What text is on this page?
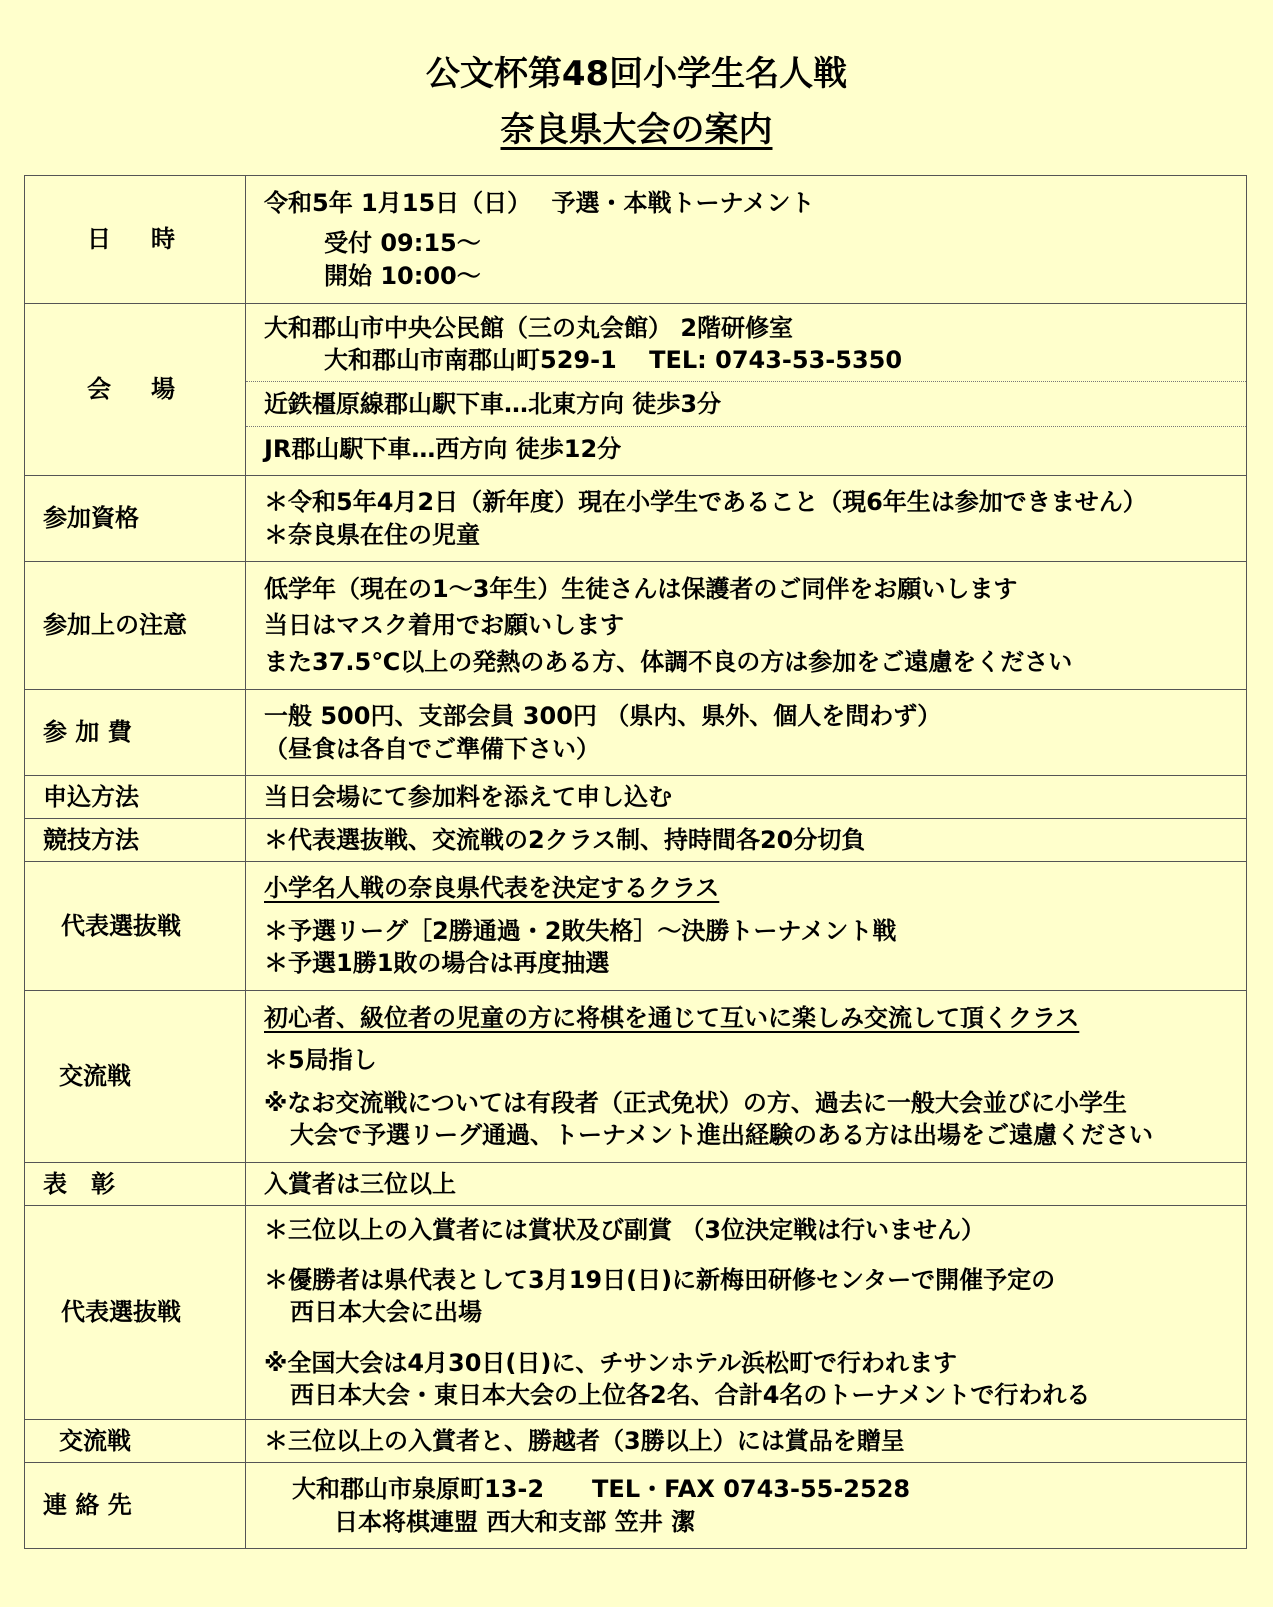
公文杯第48回小学生名人戦
奈良県大会の案内
日　時	令和5年 1月15日（日）　 予選・本戦トーナメント
受付 09:15～
開始 10:00～

会　場	大和郡山市中央公民館（三の丸会館） 2階研修室
大和郡山市南郡山町529-1　 TEL: 0743-53-5350
近鉄橿原線郡山駅下車…北東方向 徒歩3分
JR郡山駅下車…西方向 徒歩12分

参加資格	＊令和5年4月2日（新年度）現在小学生であること（現6年生は参加できません）
＊奈良県在住の児童

参加上の注意	低学年（現在の1～3年生）生徒さんは保護者のご同伴をお願いします
当日はマスク着用でお願いします
また37.5℃以上の発熱のある方、体調不良の方は参加をご遠慮をください

参 加 費	一般 500円、支部会員 300円 （県内、県外、個人を問わず）
（昼食は各自でご準備下さい）

申込方法	当日会場にて参加料を添えて申し込む

競技方法	＊代表選抜戦、交流戦の2クラス制、持時間各20分切負

代表選抜戦	小学名人戦の奈良県代表を決定するクラス
＊予選リーグ［2勝通過・2敗失格］～決勝トーナメント戦
＊予選1勝1敗の場合は再度抽選

交流戦	初心者、級位者の児童の方に将棋を通じて互いに楽しみ交流して頂くクラス
＊5局指し
※なお交流戦については有段者（正式免状）の方、過去に一般大会並びに小学生
大会で予選リーグ通過、トーナメント進出経験のある方は出場をご遠慮ください

表　彰	入賞者は三位以上

代表選抜戦	＊三位以上の入賞者には賞状及び副賞 （3位決定戦は行いません）
＊優勝者は県代表として3月19日(日)に新梅田研修センターで開催予定の
西日本大会に出場
※全国大会は4月30日(日)に、チサンホテル浜松町で行われます
西日本大会・東日本大会の上位各2名、合計4名のトーナメントで行われる

交流戦	＊三位以上の入賞者と、勝越者（3勝以上）には賞品を贈呈

連 絡 先	大和郡山市泉原町13-2　　TEL・FAX 0743-55-2528
日本将棋連盟 西大和支部 笠井 潔
